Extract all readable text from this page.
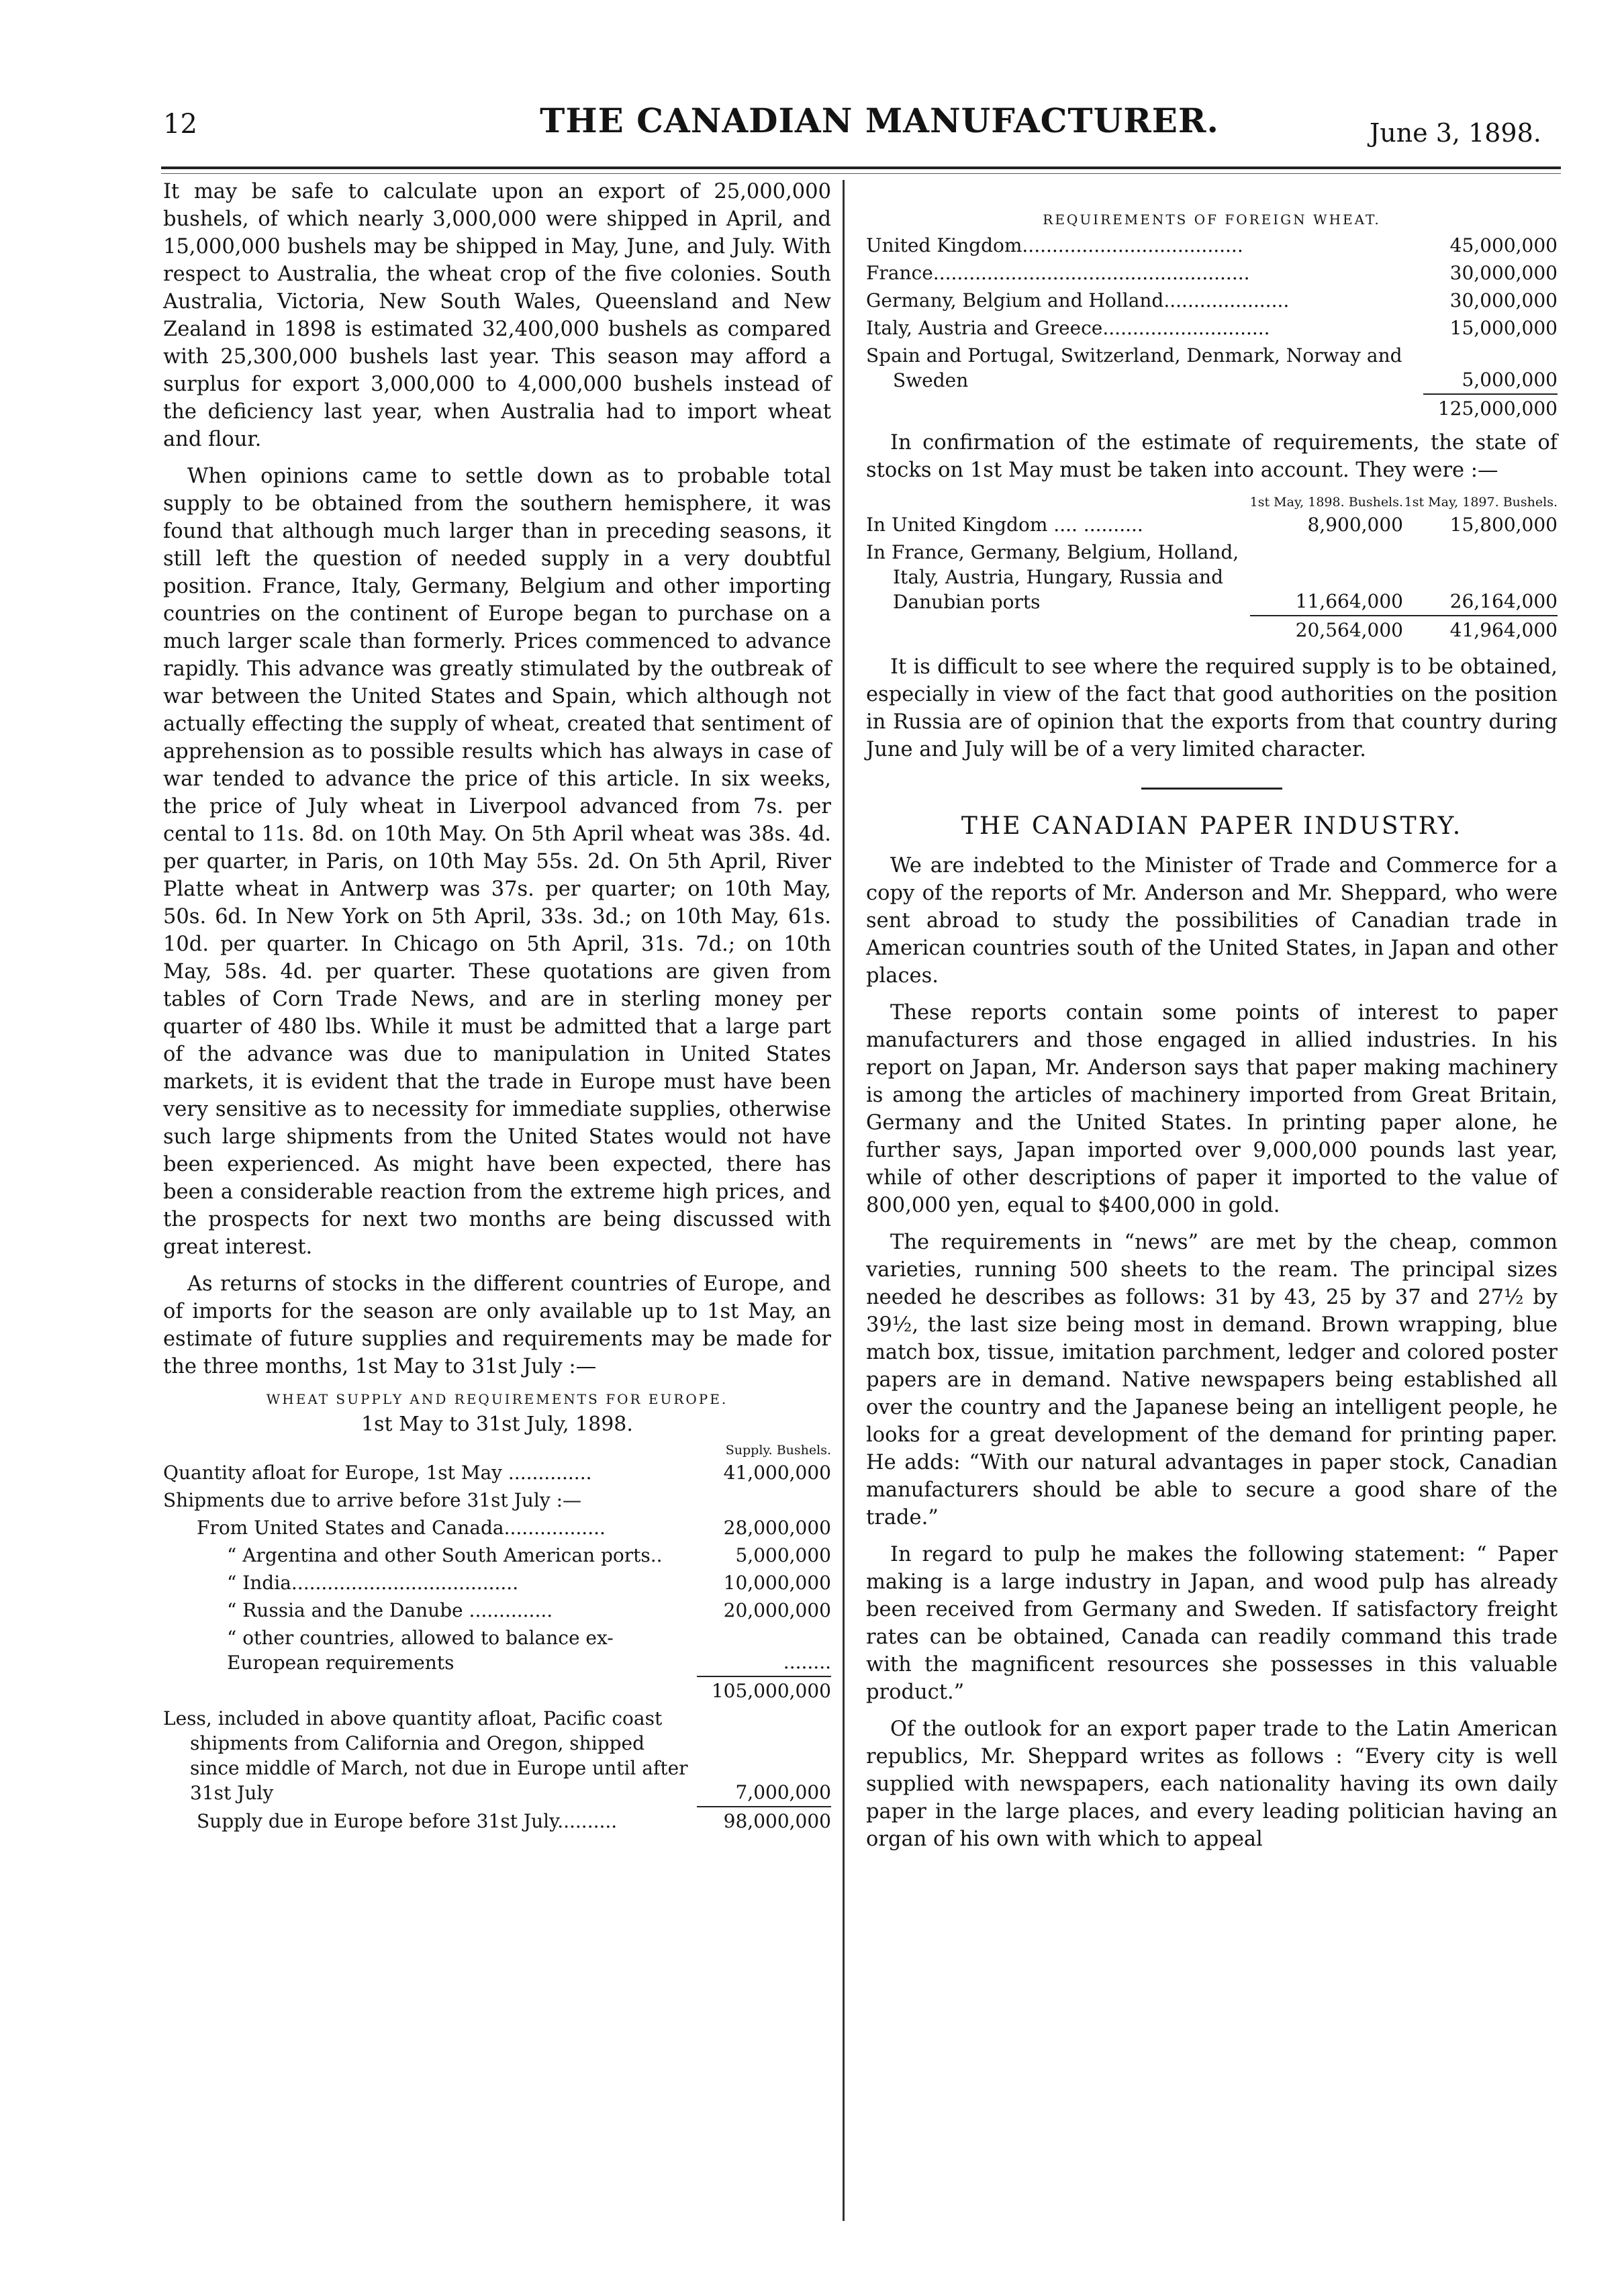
12	THE CANADIAN MANUFACTURER.	June 3, 1898.

It may be safe to calculate upon an export of 25,000,000 bushels, of which nearly 3,000,000 were shipped in April, and 15,000,000 bushels may be shipped in May, June, and July. With respect to Australia, the wheat crop of the five colonies. South Australia, Victoria, New South Wales, Queensland and New Zealand in 1898 is estimated 32,400,000 bushels as compared with 25,300,000 bushels last year. This season may afford a surplus for export 3,000,000 to 4,000,000 bushels instead of the deficiency last year, when Australia had to import wheat and flour.

When opinions came to settle down as to probable total supply to be obtained from the southern hemisphere, it was found that although much larger than in preceding seasons, it still left the question of needed supply in a very doubtful position. France, Italy, Germany, Belgium and other importing countries on the continent of Europe began to purchase on a much larger scale than formerly. Prices commenced to advance rapidly. This advance was greatly stimulated by the outbreak of war between the United States and Spain, which although not actually effecting the supply of wheat, created that sentiment of apprehension as to possible results which has always in case of war tended to advance the price of this article. In six weeks, the price of July wheat in Liverpool advanced from 7s. per cental to 11s. 8d. on 10th May. On 5th April wheat was 38s. 4d. per quarter, in Paris, on 10th May 55s. 2d. On 5th April, River Platte wheat in Antwerp was 37s. per quarter; on 10th May, 50s. 6d. In New York on 5th April, 33s. 3d.; on 10th May, 61s. 10d. per quarter. In Chicago on 5th April, 31s. 7d.; on 10th May, 58s. 4d. per quarter. These quotations are given from tables of Corn Trade News, and are in sterling money per quarter of 480 lbs. While it must be admitted that a large part of the advance was due to manipulation in United States markets, it is evident that the trade in Europe must have been very sensitive as to necessity for immediate supplies, otherwise such large shipments from the United States would not have been experienced. As might have been expected, there has been a considerable reaction from the extreme high prices, and the prospects for next two months are being discussed with great interest.

As returns of stocks in the different countries of Europe, and of imports for the season are only available up to 1st May, an estimate of future supplies and requirements may be made for the three months, 1st May to 31st July :—

WHEAT SUPPLY AND REQUIREMENTS FOR EUROPE.
1st May to 31st July, 1898.
	Supply. Bushels.
Quantity afloat for Europe, 1st May ..............	41,000,000
Shipments due to arrive before 31st July :—	
From United States and Canada.................	28,000,000
“ Argentina and other South American ports..	5,000,000
“ India......................................	10,000,000
“ Russia and the Danube ..............	20,000,000
“ other countries, allowed to balance ex-European requirements	........
	105,000,000
Less, included in above quantity afloat, Pacific coast shipments from California and Oregon, shipped since middle of March, not due in Europe until after 31st July	7,000,000
Supply due in Europe before 31st July..........	98,000,000
REQUIREMENTS OF FOREIGN WHEAT.
United Kingdom.....................................	45,000,000
France.....................................................	30,000,000
Germany, Belgium and Holland.....................	30,000,000
Italy, Austria and Greece............................	15,000,000
Spain and Portugal, Switzerland, Denmark, Norway and Sweden	5,000,000
	125,000,000

In confirmation of the estimate of requirements, the state of stocks on 1st May must be taken into account. They were :—

	1st May, 1898. Bushels.	1st May, 1897. Bushels.
In United Kingdom .... ..........	8,900,000	15,800,000
In France, Germany, Belgium, Holland, Italy, Austria, Hungary, Russia and Danubian ports	11,664,000	26,164,000
	20,564,000	41,964,000

It is difficult to see where the required supply is to be obtained, especially in view of the fact that good authorities on the position in Russia are of opinion that the exports from that country during June and July will be of a very limited character.

THE CANADIAN PAPER INDUSTRY.

We are indebted to the Minister of Trade and Commerce for a copy of the reports of Mr. Anderson and Mr. Sheppard, who were sent abroad to study the possibilities of Canadian trade in American countries south of the United States, in Japan and other places.

These reports contain some points of interest to paper manufacturers and those engaged in allied industries. In his report on Japan, Mr. Anderson says that paper making machinery is among the articles of machinery imported from Great Britain, Germany and the United States. In printing paper alone, he further says, Japan imported over 9,000,000 pounds last year, while of other descriptions of paper it imported to the value of 800,000 yen, equal to $400,000 in gold.

The requirements in “news” are met by the cheap, common varieties, running 500 sheets to the ream. The principal sizes needed he describes as follows: 31 by 43, 25 by 37 and 27½ by 39½, the last size being most in demand. Brown wrapping, blue match box, tissue, imitation parchment, ledger and colored poster papers are in demand. Native newspapers being established all over the country and the Japanese being an intelligent people, he looks for a great development of the demand for printing paper. He adds: “With our natural advantages in paper stock, Canadian manufacturers should be able to secure a good share of the trade.”

In regard to pulp he makes the following statement: “ Paper making is a large industry in Japan, and wood pulp has already been received from Germany and Sweden. If satisfactory freight rates can be obtained, Canada can readily command this trade with the magnificent resources she possesses in this valuable product.”

Of the outlook for an export paper trade to the Latin American republics, Mr. Sheppard writes as follows : “Every city is well supplied with newspapers, each nationality having its own daily paper in the large places, and every leading politician having an organ of his own with which to appeal
